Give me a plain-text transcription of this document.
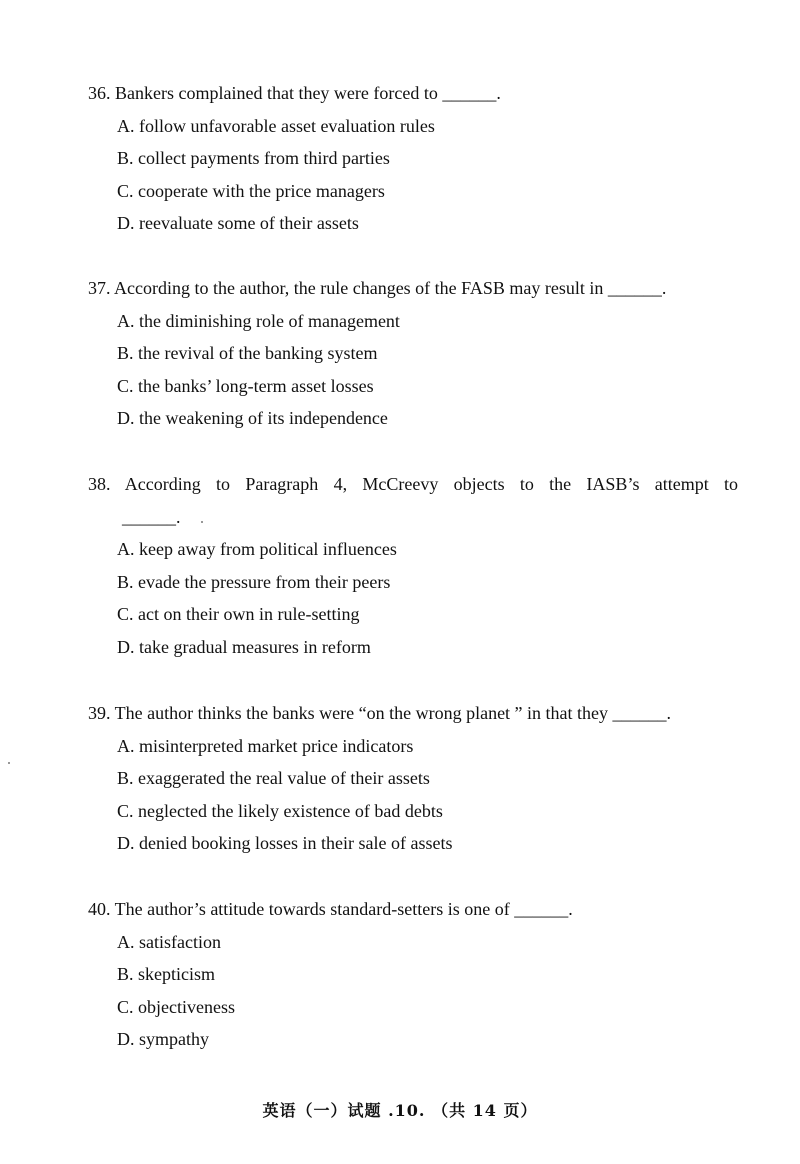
36. Bankers complained that they were forced to ______.
A. follow unfavorable asset evaluation rules
B. collect payments from third parties
C. cooperate with the price managers
D. reevaluate some of their assets
37. According to the author, the rule changes of the FASB may result in ______.
A. the diminishing role of management
B. the revival of the banking system
C. the banks’ long-term asset losses
D. the weakening of its independence
38. According to Paragraph 4, McCreevy objects to the IASB’s attempt to
______.
A. keep away from political influences
B. evade the pressure from their peers
C. act on their own in rule-setting
D. take gradual measures in reform
39. The author thinks the banks were “on the wrong planet ” in that they ______.
A. misinterpreted market price indicators
B. exaggerated the real value of their assets
C. neglected the likely existence of bad debts
D. denied booking losses in their sale of assets
40. The author’s attitude towards standard-setters is one of ______.
A. satisfaction
B. skepticism
C. objectiveness
D. sympathy
英语（一）试题 .10. （共 14 页）
